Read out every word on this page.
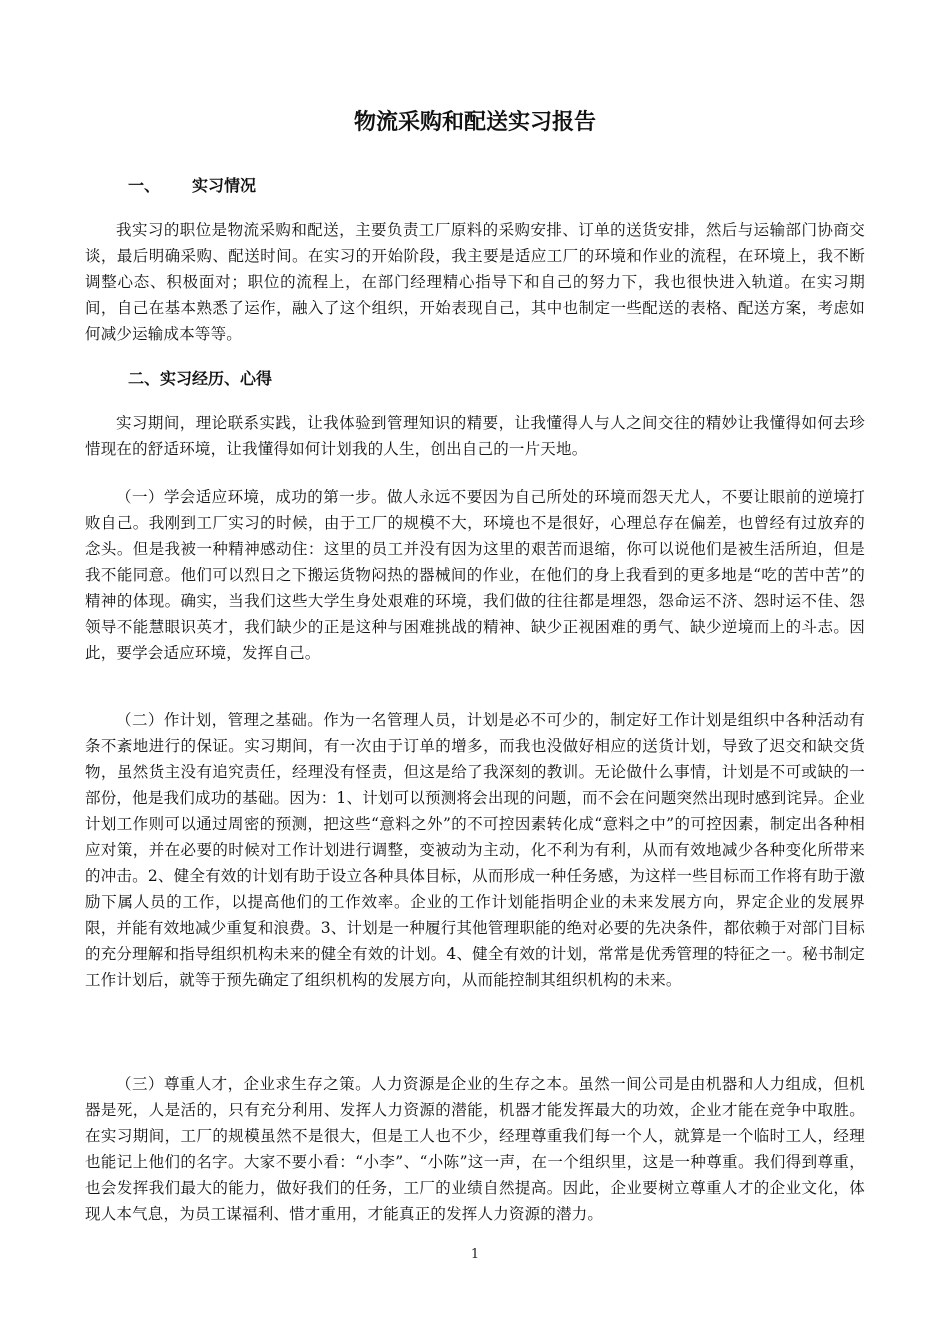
物流采购和配送实习报告
一、 实习情况

我实习的职位是物流采购和配送，主要负责工厂原料的采购安排、订单的送货安排，然后与运输部门协商交谈，最后明确采购、配送时间。在实习的开始阶段，我主要是适应工厂的环境和作业的流程，在环境上，我不断调整心态、积极面对；职位的流程上，在部门经理精心指导下和自己的努力下，我也很快进入轨道。在实习期间，自己在基本熟悉了运作，融入了这个组织，开始表现自己，其中也制定一些配送的表格、配送方案，考虑如何减少运输成本等等。

二、实习经历、心得

实习期间，理论联系实践，让我体验到管理知识的精要，让我懂得人与人之间交往的精妙让我懂得如何去珍惜现在的舒适环境，让我懂得如何计划我的人生，创出自己的一片天地。

（一）学会适应环境，成功的第一步。做人永远不要因为自己所处的环境而怨天尤人，不要让眼前的逆境打败自己。我刚到工厂实习的时候，由于工厂的规模不大，环境也不是很好，心理总存在偏差，也曾经有过放弃的念头。但是我被一种精神感动住：这里的员工并没有因为这里的艰苦而退缩，你可以说他们是被生活所迫，但是我不能同意。他们可以烈日之下搬运货物闷热的器械间的作业，在他们的身上我看到的更多地是“吃的苦中苦”的精神的体现。确实，当我们这些大学生身处艰难的环境，我们做的往往都是埋怨，怨命运不济、怨时运不佳、怨领导不能慧眼识英才，我们缺少的正是这种与困难挑战的精神、缺少正视困难的勇气、缺少逆境而上的斗志。因此，要学会适应环境，发挥自己。

（二）作计划，管理之基础。作为一名管理人员，计划是必不可少的，制定好工作计划是组织中各种活动有条不紊地进行的保证。实习期间，有一次由于订单的增多，而我也没做好相应的送货计划，导致了迟交和缺交货物，虽然货主没有追究责任，经理没有怪责，但这是给了我深刻的教训。无论做什么事情，计划是不可或缺的一部份，他是我们成功的基础。因为：1、计划可以预测将会出现的问题，而不会在问题突然出现时感到诧异。企业计划工作则可以通过周密的预测，把这些“意料之外”的不可控因素转化成“意料之中”的可控因素，制定出各种相应对策，并在必要的时候对工作计划进行调整，变被动为主动，化不利为有利，从而有效地减少各种变化所带来的冲击。2、健全有效的计划有助于设立各种具体目标，从而形成一种任务感，为这样一些目标而工作将有助于激励下属人员的工作，以提高他们的工作效率。企业的工作计划能指明企业的未来发展方向，界定企业的发展界限，并能有效地减少重复和浪费。3、计划是一种履行其他管理职能的绝对必要的先决条件，都依赖于对部门目标的充分理解和指导组织机构未来的健全有效的计划。4、健全有效的计划，常常是优秀管理的特征之一。秘书制定工作计划后，就等于预先确定了组织机构的发展方向，从而能控制其组织机构的未来。

（三）尊重人才，企业求生存之策。人力资源是企业的生存之本。虽然一间公司是由机器和人力组成，但机器是死，人是活的，只有充分利用、发挥人力资源的潜能，机器才能发挥最大的功效，企业才能在竞争中取胜。在实习期间，工厂的规模虽然不是很大，但是工人也不少，经理尊重我们每一个人，就算是一个临时工人，经理也能记上他们的名字。大家不要小看：“小李”、“小陈”这一声，在一个组织里，这是一种尊重。我们得到尊重，也会发挥我们最大的能力，做好我们的任务，工厂的业绩自然提高。因此，企业要树立尊重人才的企业文化，体现人本气息，为员工谋福利、惜才重用，才能真正的发挥人力资源的潜力。

1
